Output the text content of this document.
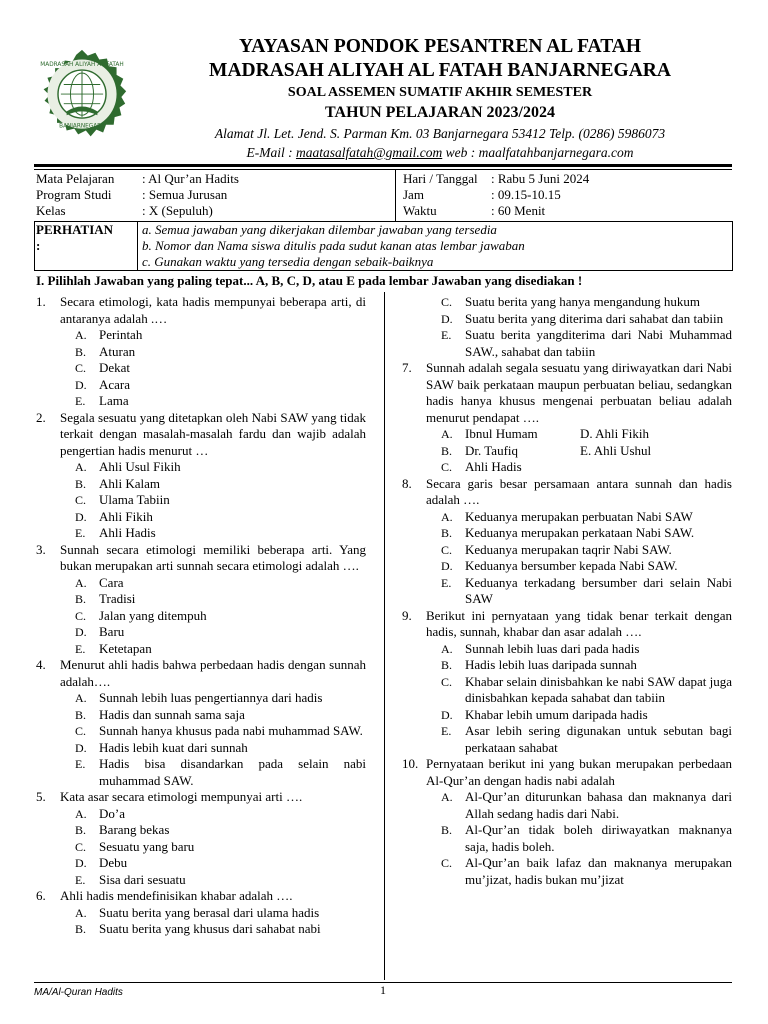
MADRASAH ALIYAH AL FATAH
BANJARNEGARA
YAYASAN PONDOK PESANTREN AL FATAH
MADRASAH ALIYAH AL FATAH BANJARNEGARA
SOAL ASSEMEN SUMATIF AKHIR SEMESTER
TAHUN PELAJARAN 2023/2024
Alamat Jl. Let. Jend. S. Parman Km. 03 Banjarnegara 53412 Telp. (0286) 5986073
E-Mail : maatasalfatah@gmail.com web : maalfatahbanjarnegara.com
Mata Pelajaran : Al Qur’an Hadits
Program Studi : Semua Jurusan
Kelas	: X (Sepuluh)
Hari / Tanggal : Rabu 5 Juni 2024
Jam	: 09.15-10.15
Waktu	: 60 Menit
PERHATIAN
:
a. Semua jawaban yang dikerjakan dilembar jawaban yang tersedia
b. Nomor dan Nama siswa ditulis pada sudut kanan atas lembar jawaban
c. Gunakan waktu yang tersedia dengan sebaik-baiknya
I. Pilihlah Jawaban yang paling tepat... A, B, C, D, atau E pada lembar Jawaban yang disediakan !
1. Secara etimologi, kata hadis mempunyai beberapa arti, di antaranya adalah .…
A. Perintah
B. Aturan
C. Dekat
D. Acara
E. Lama
2. Segala sesuatu yang ditetapkan oleh Nabi SAW yang tidak terkait dengan masalah-masalah fardu dan wajib adalah pengertian hadis menurut …
A. Ahli Usul Fikih
B. Ahli Kalam
C. Ulama Tabiin
D. Ahli Fikih
E. Ahli Hadis
3. Sunnah secara etimologi memiliki beberapa arti. Yang bukan merupakan arti sunnah secara etimologi adalah ….
A. Cara
B. Tradisi
C. Jalan yang ditempuh
D. Baru
E. Ketetapan
4. Menurut ahli hadis bahwa perbedaan hadis dengan sunnah adalah….
A. Sunnah lebih luas pengertiannya dari hadis
B. Hadis dan sunnah sama saja
C. Sunnah hanya khusus pada nabi muhammad SAW.
D. Hadis lebih kuat dari sunnah
E. Hadis bisa disandarkan pada selain nabi muhammad SAW.
5. Kata asar secara etimologi mempunyai arti ….
A. Do’a
B. Barang bekas
C. Sesuatu yang baru
D. Debu
E. Sisa dari sesuatu
6. Ahli hadis mendefinisikan khabar adalah ….
A. Suatu berita yang berasal dari ulama hadis
B. Suatu berita yang khusus dari sahabat nabi
C. Suatu berita yang hanya mengandung hukum
D. Suatu berita yang diterima dari sahabat dan tabiin
E. Suatu berita yangditerima dari Nabi Muhammad SAW., sahabat dan tabiin
7. Sunnah adalah segala sesuatu yang diriwayatkan dari Nabi SAW baik perkataan maupun perbuatan beliau, sedangkan hadis hanya khusus mengenai perbuatan beliau adalah menurut pendapat ….
A. Ibnul Humam	D. Ahli Fikih
B. Dr. Taufiq	E. Ahli Ushul
C. Ahli Hadis
8. Secara garis besar persamaan antara sunnah dan hadis adalah ….
A. Keduanya merupakan perbuatan Nabi SAW
B. Keduanya merupakan perkataan Nabi SAW.
C. Keduanya merupakan taqrir Nabi SAW.
D. Keduanya bersumber kepada Nabi SAW.
E. Keduanya terkadang bersumber dari selain Nabi SAW
9. Berikut ini pernyataan yang tidak benar terkait dengan hadis, sunnah, khabar dan asar adalah ….
A. Sunnah lebih luas dari pada hadis
B. Hadis lebih luas daripada sunnah
C. Khabar selain dinisbahkan ke nabi SAW dapat juga dinisbahkan kepada sahabat dan tabiin
D. Khabar lebih umum daripada hadis
E. Asar lebih sering digunakan untuk sebutan bagi perkataan sahabat
10. Pernyataan berikut ini yang bukan merupakan perbedaan Al-Qur’an dengan hadis nabi adalah
A. Al-Qur’an diturunkan bahasa dan maknanya dari Allah sedang hadis dari Nabi.
B. Al-Qur’an tidak boleh diriwayatkan maknanya saja, hadis boleh.
C. Al-Qur’an baik lafaz dan maknanya merupakan mu’jizat, hadis bukan mu’jizat
MA/Al-Quran Hadits	1
